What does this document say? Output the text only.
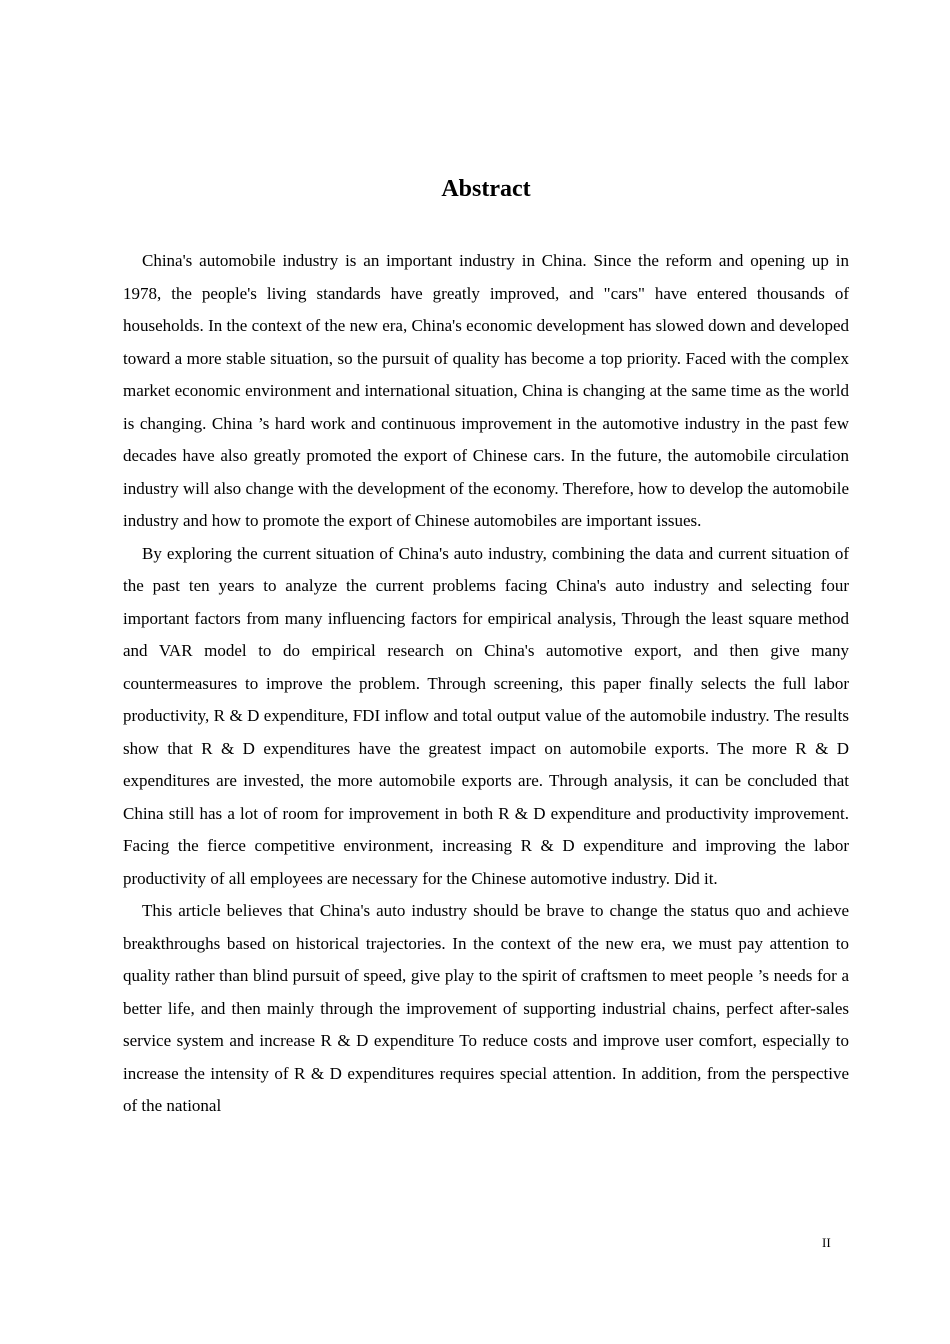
Abstract

China's automobile industry is an important industry in China. Since the reform and opening up in 1978, the people's living standards have greatly improved, and "cars" have entered thousands of households. In the context of the new era, China's economic development has slowed down and developed toward a more stable situation, so the pursuit of quality has become a top priority. Faced with the complex market economic environment and international situation, China is changing at the same time as the world is changing. China ’s hard work and continuous improvement in the automotive industry in the past few decades have also greatly promoted the export of Chinese cars. In the future, the automobile circulation industry will also change with the development of the economy. Therefore, how to develop the automobile industry and how to promote the export of Chinese automobiles are important issues.

By exploring the current situation of China's auto industry, combining the data and current situation of the past ten years to analyze the current problems facing China's auto industry and selecting four important factors from many influencing factors for empirical analysis, Through the least square method and VAR model to do empirical research on China's automotive export, and then give many countermeasures to improve the problem. Through screening, this paper finally selects the full labor productivity, R & D expenditure, FDI inflow and total output value of the automobile industry. The results show that R & D expenditures have the greatest impact on automobile exports. The more R & D expenditures are invested, the more automobile exports are. Through analysis, it can be concluded that China still has a lot of room for improvement in both R & D expenditure and productivity improvement. Facing the fierce competitive environment, increasing R & D expenditure and improving the labor productivity of all employees are necessary for the Chinese automotive industry. Did it.

This article believes that China's auto industry should be brave to change the status quo and achieve breakthroughs based on historical trajectories. In the context of the new era, we must pay attention to quality rather than blind pursuit of speed, give play to the spirit of craftsmen to meet people ’s needs for a better life, and then mainly through the improvement of supporting industrial chains, perfect after-sales service system and increase R & D expenditure To reduce costs and improve user comfort, especially to increase the intensity of R & D expenditures requires special attention. In addition, from the perspective of the national

II
